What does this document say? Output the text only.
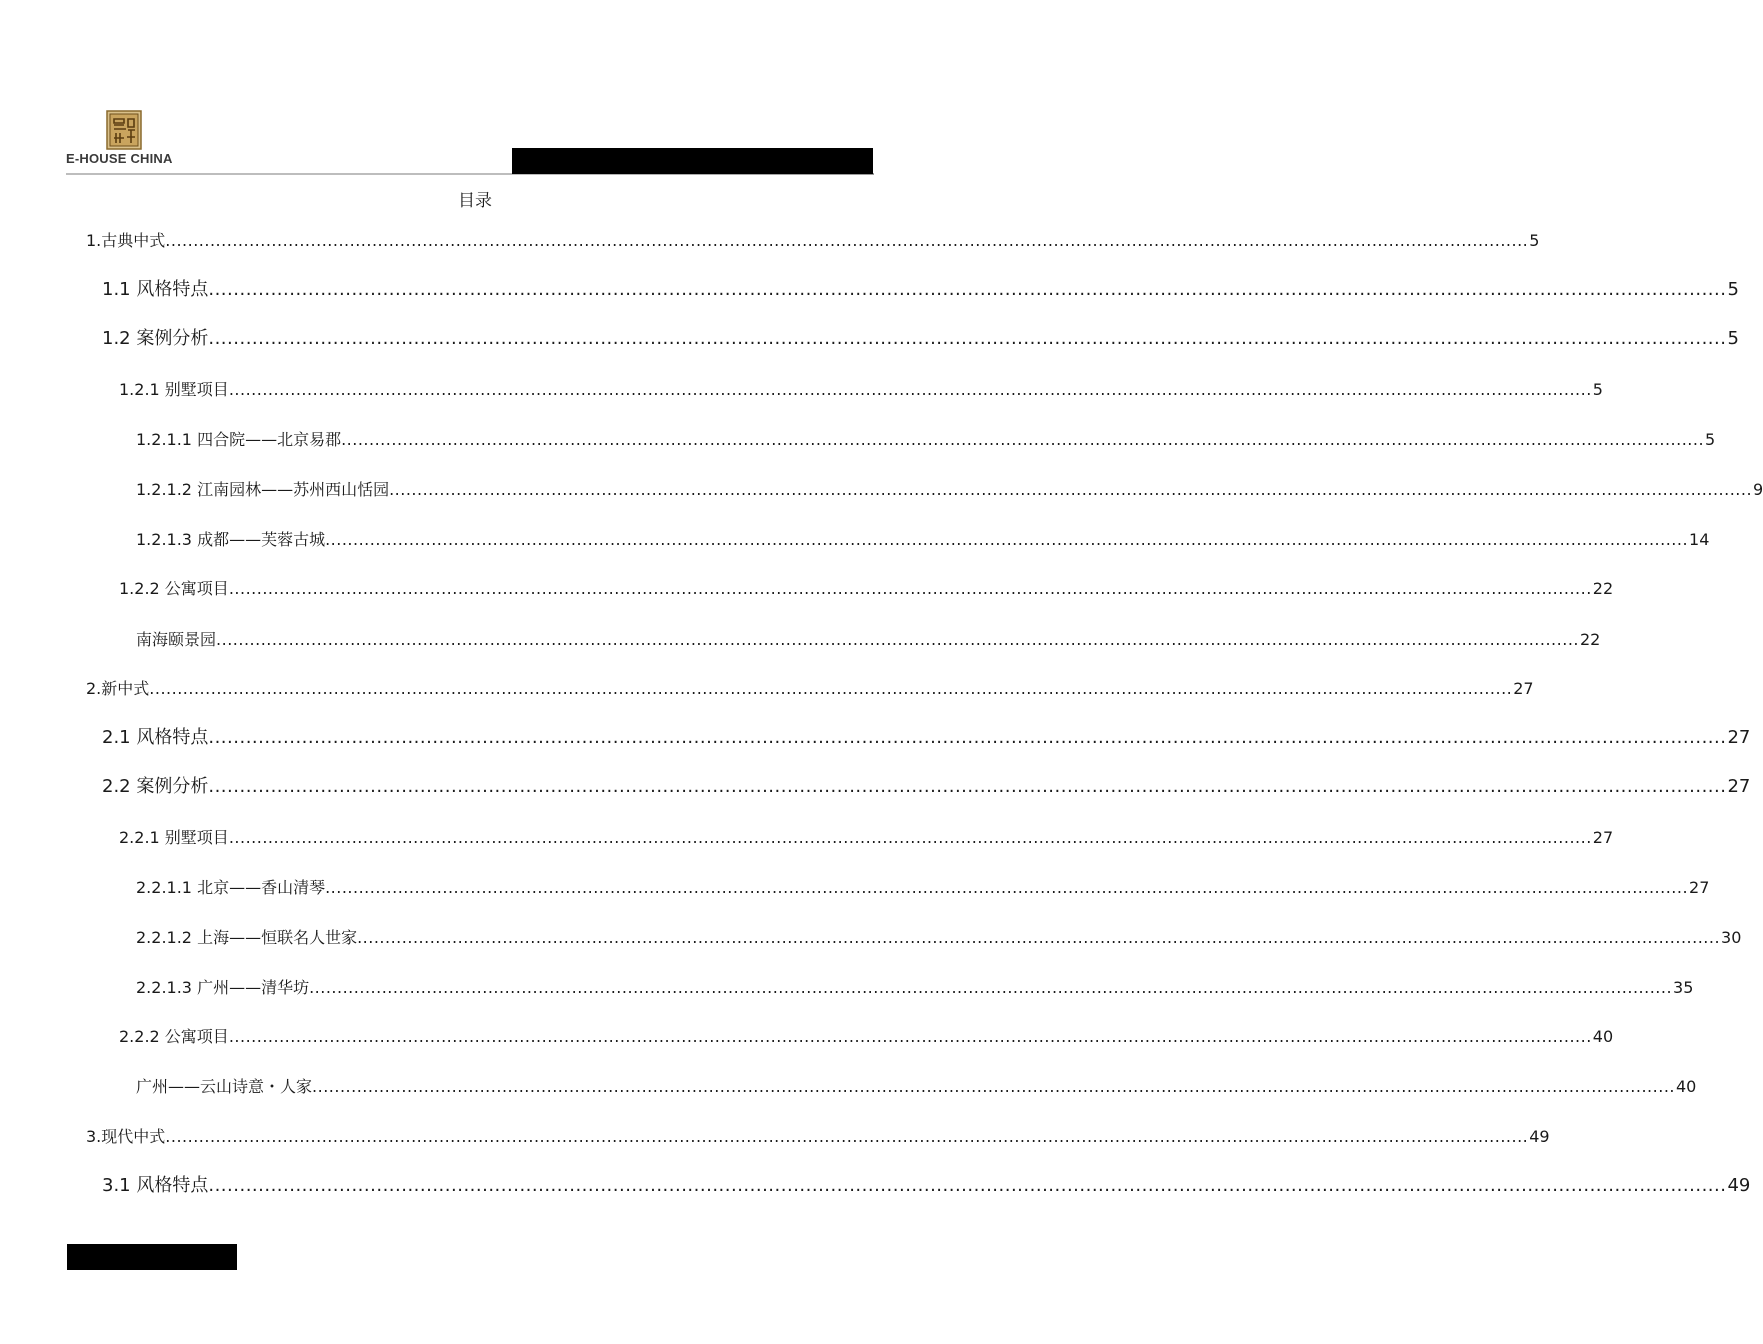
E-HOUSE CHINA
目录
1.古典中式 .................................................................................................................................................................................................................................................... 5
1.1 风格特点 .................................................................................................................................................................................................................................................... 5
1.2 案例分析 .................................................................................................................................................................................................................................................... 5
1.2.1 别墅项目 .................................................................................................................................................................................................................................................... 5
1.2.1.1 四合院——北京易郡 .................................................................................................................................................................................................................................................... 5
1.2.1.2 江南园林——苏州西山恬园 .................................................................................................................................................................................................................................................... 9
1.2.1.3 成都——芙蓉古城 .................................................................................................................................................................................................................................................... 14
1.2.2 公寓项目 .................................................................................................................................................................................................................................................... 22
南海颐景园 .................................................................................................................................................................................................................................................... 22
2.新中式 .................................................................................................................................................................................................................................................... 27
2.1 风格特点 .................................................................................................................................................................................................................................................... 27
2.2 案例分析 .................................................................................................................................................................................................................................................... 27
2.2.1 别墅项目 .................................................................................................................................................................................................................................................... 27
2.2.1.1 北京——香山清琴 .................................................................................................................................................................................................................................................... 27
2.2.1.2 上海——恒联名人世家 .................................................................................................................................................................................................................................................... 30
2.2.1.3 广州——清华坊 .................................................................................................................................................................................................................................................... 35
2.2.2 公寓项目 .................................................................................................................................................................................................................................................... 40
广州——云山诗意・人家 .................................................................................................................................................................................................................................................... 40
3.现代中式 .................................................................................................................................................................................................................................................... 49
3.1 风格特点 .................................................................................................................................................................................................................................................... 49
